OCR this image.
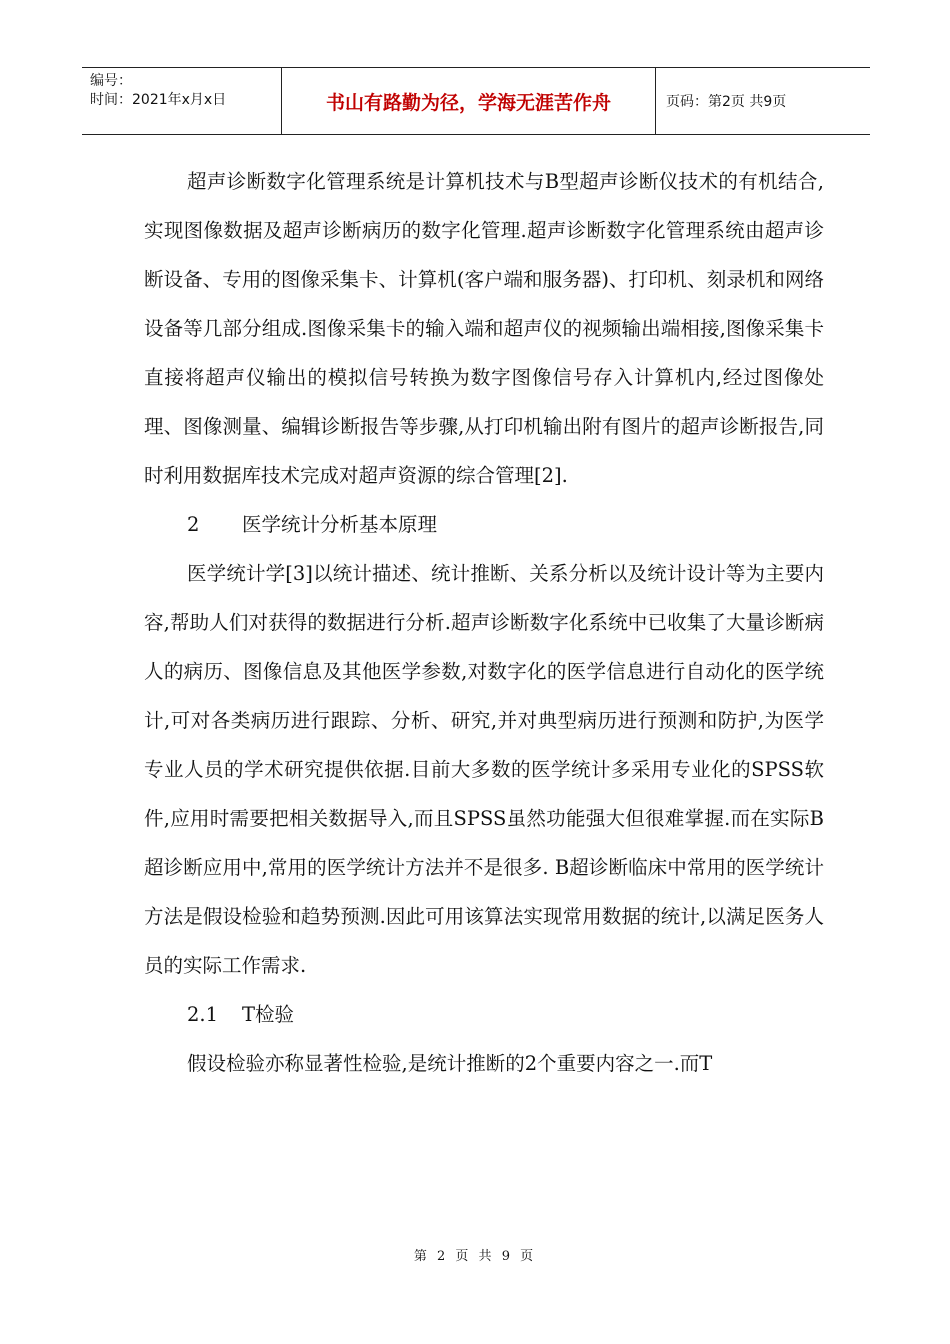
编号：
时间：2021年x月x日	书山有路勤为径，学海无涯苦作舟	页码：第2页 共9页

超声诊断数字化管理系统是计算机技术与B型超声诊断仪技术的有机结合,实现图像数据及超声诊断病历的数字化管理.超声诊断数字化管理系统由超声诊断设备、专用的图像采集卡、计算机(客户端和服务器)、打印机、刻录机和网络设备等几部分组成.图像采集卡的输入端和超声仪的视频输出端相接,图像采集卡直接将超声仪输出的模拟信号转换为数字图像信号存入计算机内,经过图像处理、图像测量、编辑诊断报告等步骤,从打印机输出附有图片的超声诊断报告,同时利用数据库技术完成对超声资源的综合管理[2].

2 医学统计分析基本原理

医学统计学[3]以统计描述、统计推断、关系分析以及统计设计等为主要内容,帮助人们对获得的数据进行分析.超声诊断数字化系统中已收集了大量诊断病人的病历、图像信息及其他医学参数,对数字化的医学信息进行自动化的医学统计,可对各类病历进行跟踪、分析、研究,并对典型病历进行预测和防护,为医学专业人员的学术研究提供依据.目前大多数的医学统计多采用专业化的SPSS软件,应用时需要把相关数据导入,而且SPSS虽然功能强大但很难掌握.而在实际B超诊断应用中,常用的医学统计方法并不是很多. B超诊断临床中常用的医学统计方法是假设检验和趋势预测.因此可用该算法实现常用数据的统计,以满足医务人员的实际工作需求.

2.1 T检验

假设检验亦称显著性检验,是统计推断的2个重要内容之一.而T

第 2 页 共 9 页
